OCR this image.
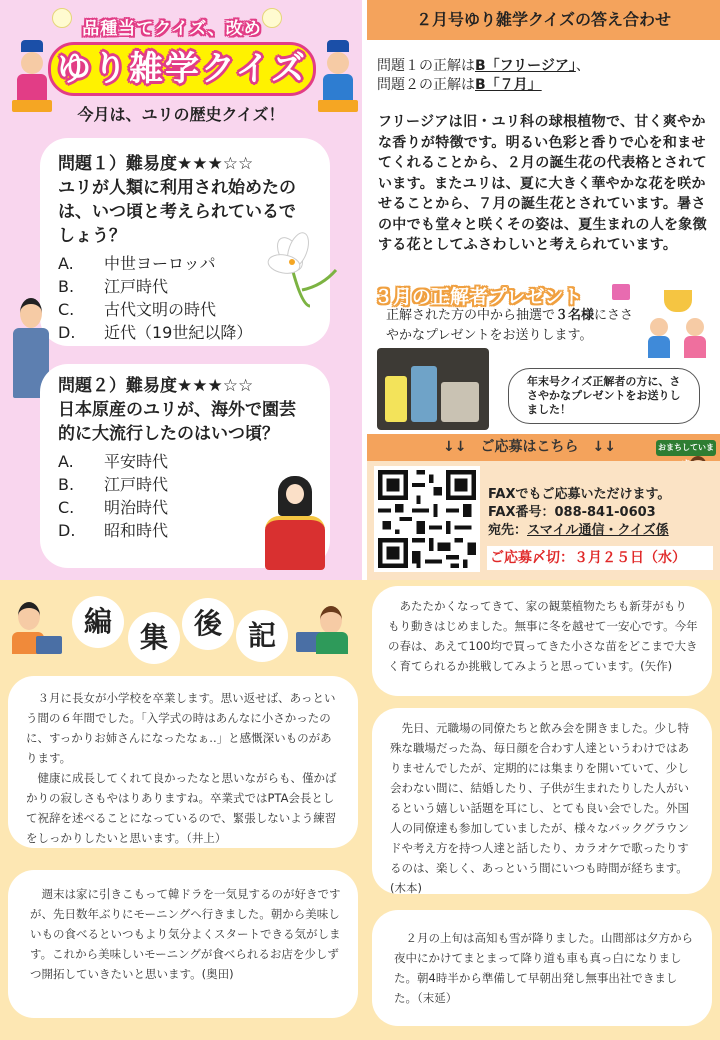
品種当てクイズ、改め
ゆり雑学クイズ
今月は、ユリの歴史クイズ！
問題１）難易度★★★☆☆
ユリが人類に利用され始めたのは、いつ頃と考えられているでしょう？
A.	中世ヨーロッパ
B.	江戸時代
C.	古代文明の時代
D.	近代（19世紀以降）
問題２）難易度★★★☆☆
日本原産のユリが、海外で園芸的に大流行したのはいつ頃？
A.	平安時代
B.	江戸時代
C.	明治時代
D.	昭和時代
２月号ゆり雑学クイズの答え合わせ
問題１の正解はB「フリージア」、
問題２の正解はB「７月」
フリージアは旧・ユリ科の球根植物で、甘く爽やかな香りが特徴です。明るい色彩と香りで心を和ませてくれることから、２月の誕生花の代表格とされています。またユリは、夏に大きく華やかな花を咲かせることから、７月の誕生花とされています。暑さの中でも堂々と咲くその姿は、夏生まれの人を象徴する花としてふさわしいと考えられています。
３月の正解者プレゼント
正解された方の中から抽選で３名様にささやかなプレゼントをお送りします。
年末号クイズ正解者の方に、ささやかなプレゼントをお送りしました！
↓↓　ご応募はこちら　↓↓	おまちしていま
FAXでもご応募いただけます。
FAX番号：088-841-0603
宛先：スマイル通信・クイズ係
ご応募〆切：３月２５日（水）
編 集 後 記

　３月に長女が小学校を卒業します。思い返せば、あっという間の６年間でした。「入学式の時はあんなに小さかったのに、すっかりお姉さんになったなぁ..」と感慨深いものがあります。
　健康に成長してくれて良かったなと思いながらも、僅かばかりの寂しさもやはりありますね。卒業式ではPTA会長として祝辞を述べることになっているので、緊張しないよう練習をしっかりしたいと思います。（井上）

　週末は家に引きこもって韓ドラを一気見するのが好きですが、先日数年ぶりにモーニングへ行きました。朝から美味しいもの食べるといつもより気分よくスタートできる気がします。これから美味しいモーニングが食べられるお店を少しずつ開拓していきたいと思います。(奥田)

　あたたかくなってきて、家の観葉植物たちも新芽がもりもり動きはじめました。無事に冬を越せて一安心です。今年の春は、あえて100均で買ってきた小さな苗をどこまで大きく育てられるか挑戦してみようと思っています。(矢作)

　先日、元職場の同僚たちと飲み会を開きました。少し特殊な職場だった為、毎日顔を合わす人達というわけではありませんでしたが、定期的には集まりを開いていて、少し会わない間に、結婚したり、子供が生まれたりした人がいるという嬉しい話題を耳にし、とても良い会でした。外国人の同僚達も参加していましたが、様々なバックグラウンドや考え方を持つ人達と話したり、カラオケで歌ったりするのは、楽しく、あっという間にいつも時間が経ちます。(木本)

　２月の上旬は高知も雪が降りました。山間部は夕方から夜中にかけてまとまって降り道も車も真っ白になりました。朝4時半から準備して早朝出発し無事出社できました。（末延）
